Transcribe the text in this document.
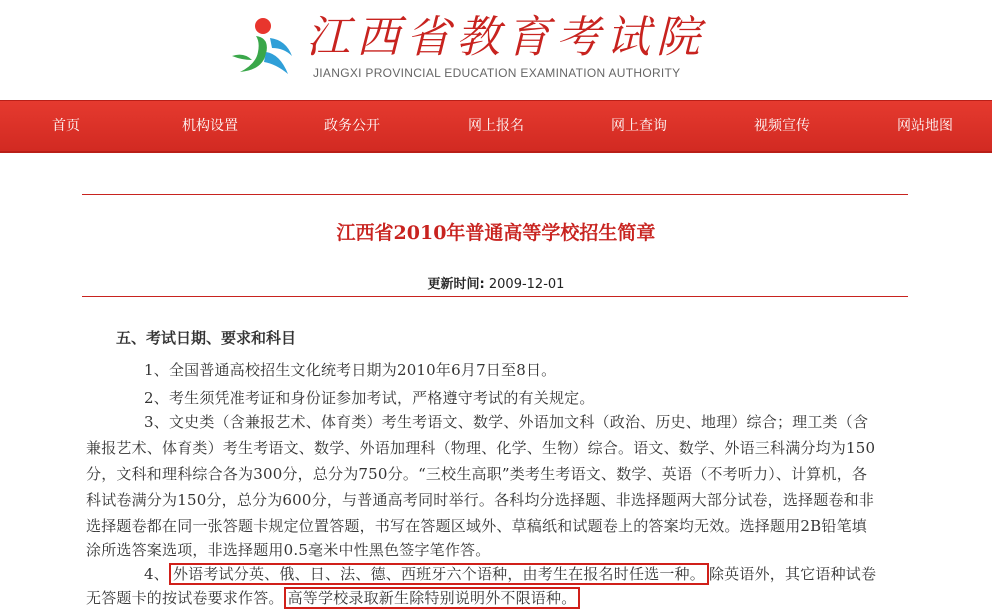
江西省教育考试院
JIANGXI PROVINCIAL EDUCATION EXAMINATION AUTHORITY
首页	机构设置	政务公开	网上报名	网上查询	视频宣传	网站地图
江西省2010年普通高等学校招生简章
更新时间: 2009-12-01
五、考试日期、要求和科目
1、全国普通高校招生文化统考日期为2010年6月7日至8日。
2、考生须凭准考证和身份证参加考试，严格遵守考试的有关规定。
3、文史类（含兼报艺术、体育类）考生考语文、数学、外语加文科（政治、历史、地理）综合；理工类（含
兼报艺术、体育类）考生考语文、数学、外语加理科（物理、化学、生物）综合。语文、数学、外语三科满分均为150
分，文科和理科综合各为300分，总分为750分。“三校生高职”类考生考语文、数学、英语（不考听力）、计算机，各
科试卷满分为150分，总分为600分，与普通高考同时举行。各科均分选择题、非选择题两大部分试卷，选择题卷和非
选择题卷都在同一张答题卡规定位置答题，书写在答题区域外、草稿纸和试题卷上的答案均无效。选择题用2B铅笔填
涂所选答案选项，非选择题用0.5毫米中性黑色签字笔作答。
4、 外语考试分英、俄、日、法、德、西班牙六个语种，由考生在报名时任选一种。 除英语外，其它语种试卷
无答题卡的按试卷要求作答。 高等学校录取新生除特别说明外不限语种。
